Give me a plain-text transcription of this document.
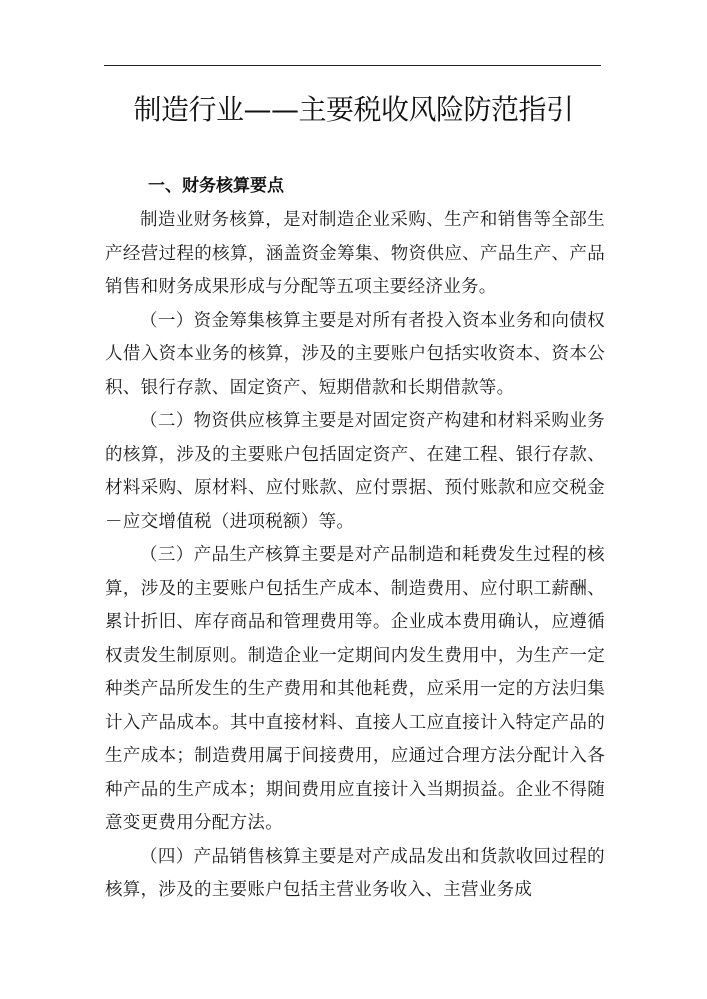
制造行业——主要税收风险防范指引
一、财务核算要点

制造业财务核算，是对制造企业采购、生产和销售等全部生产经营过程的核算，涵盖资金筹集、物资供应、产品生产、产品销售和财务成果形成与分配等五项主要经济业务。

（一）资金筹集核算主要是对所有者投入资本业务和向债权人借入资本业务的核算，涉及的主要账户包括实收资本、资本公积、银行存款、固定资产、短期借款和长期借款等。

（二）物资供应核算主要是对固定资产构建和材料采购业务的核算，涉及的主要账户包括固定资产、在建工程、银行存款、材料采购、原材料、应付账款、应付票据、预付账款和应交税金－应交增值税（进项税额）等。

（三）产品生产核算主要是对产品制造和耗费发生过程的核算，涉及的主要账户包括生产成本、制造费用、应付职工薪酬、累计折旧、库存商品和管理费用等。企业成本费用确认，应遵循权责发生制原则。制造企业一定期间内发生费用中，为生产一定种类产品所发生的生产费用和其他耗费，应采用一定的方法归集计入产品成本。其中直接材料、直接人工应直接计入特定产品的生产成本；制造费用属于间接费用，应通过合理方法分配计入各种产品的生产成本；期间费用应直接计入当期损益。企业不得随意变更费用分配方法。

（四）产品销售核算主要是对产成品发出和货款收回过程的核算，涉及的主要账户包括主营业务收入、主营业务成
